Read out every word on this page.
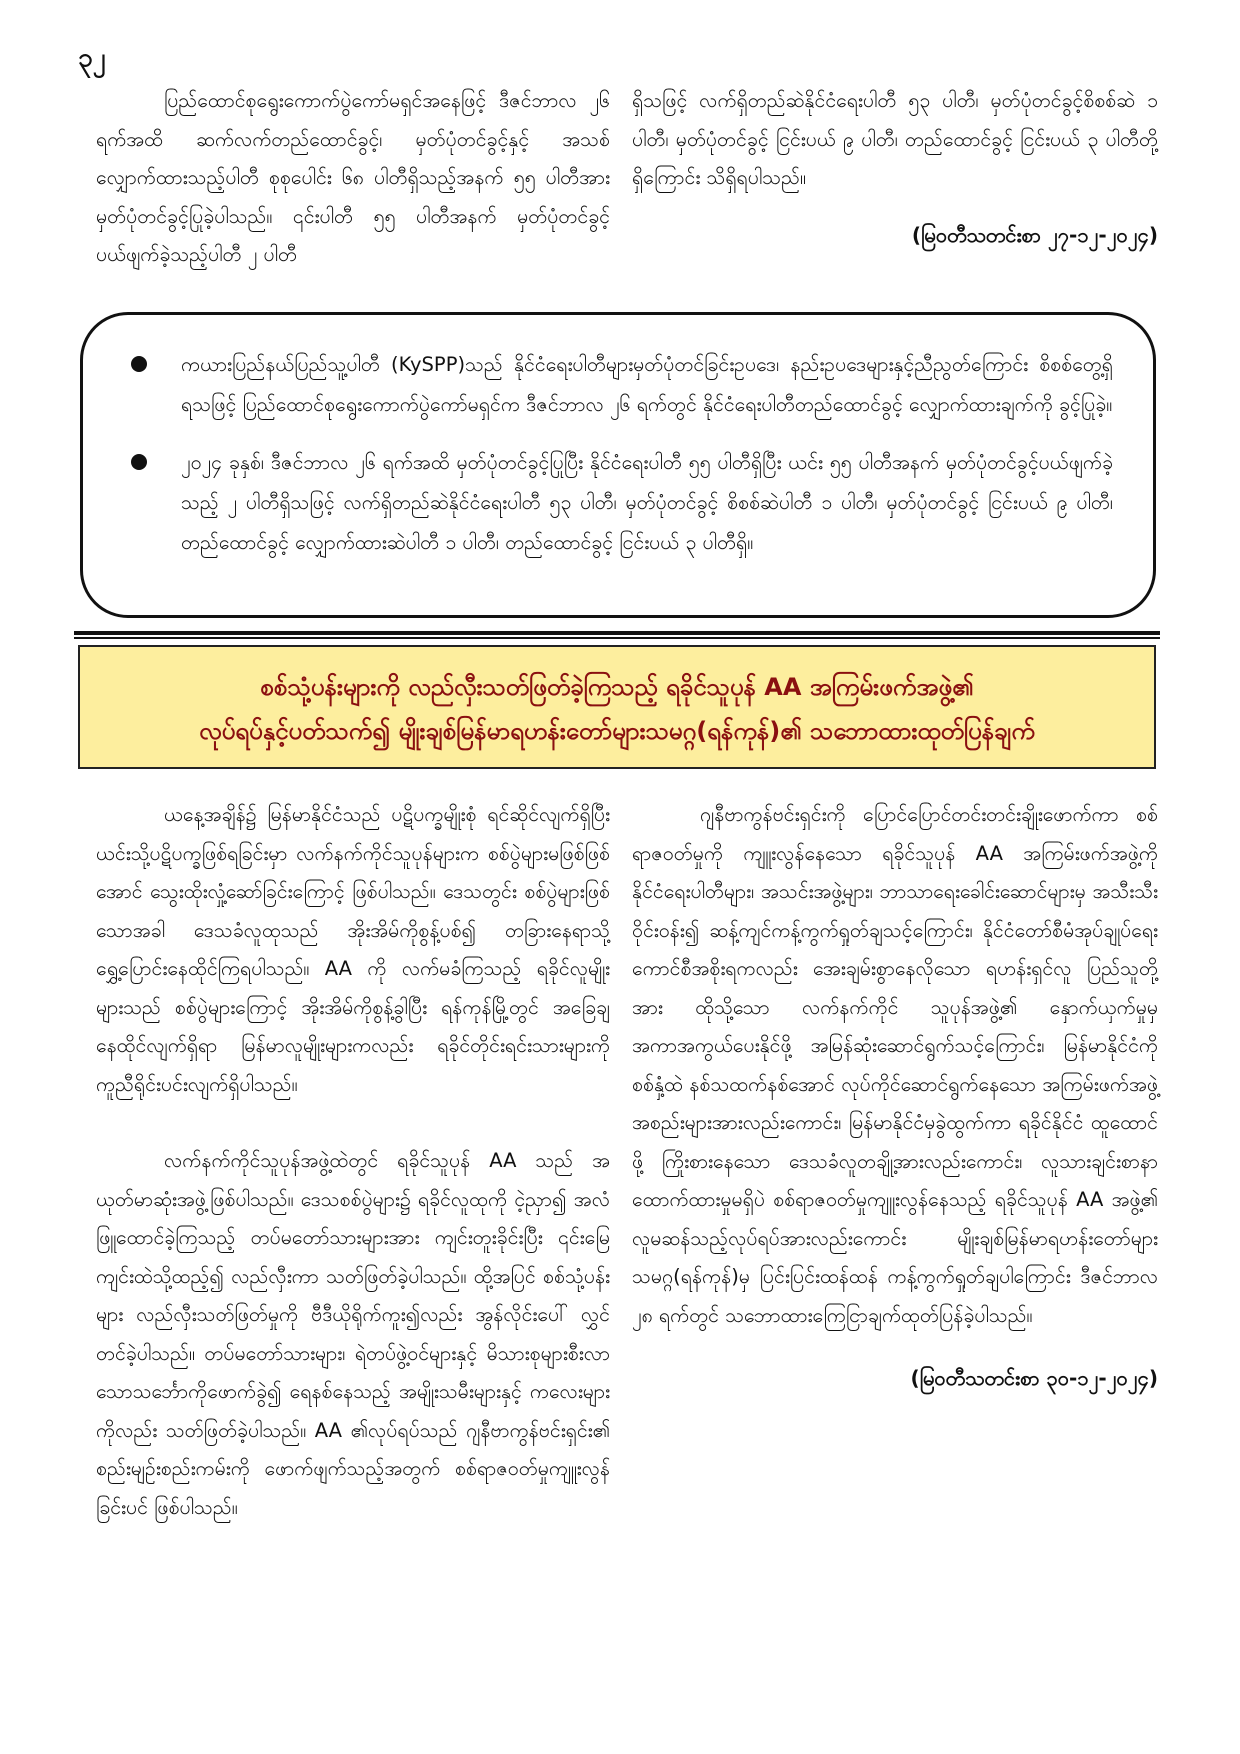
၃၂

ပြည်ထောင်စုရွေးကောက်ပွဲကော်မရှင်အနေဖြင့် ဒီဇင်ဘာလ ၂၆ ရက်အထိ ဆက်လက်တည်ထောင်ခွင့်၊ မှတ်ပုံတင်ခွင့်နှင့် အသစ်လျှောက်ထားသည့်ပါတီ စုစုပေါင်း ၆၈ ပါတီရှိသည့်အနက် ၅၅ ပါတီအား မှတ်ပုံတင်ခွင့်ပြုခဲ့ပါသည်။ ၎င်းပါတီ ၅၅ ပါတီအနက် မှတ်ပုံတင်ခွင့်ပယ်ဖျက်ခဲ့သည့်ပါတီ ၂ ပါတီ

ရှိသဖြင့် လက်ရှိတည်ဆဲနိုင်ငံရေးပါတီ ၅၃ ပါတီ၊ မှတ်ပုံတင်ခွင့်စိစစ်ဆဲ ၁ ပါတီ၊ မှတ်ပုံတင်ခွင့် ငြင်းပယ် ၉ ပါတီ၊ တည်ထောင်ခွင့် ငြင်းပယ် ၃ ပါတီတို့ရှိကြောင်း သိရှိရပါသည်။

(မြဝတီသတင်းစာ ၂၇-၁၂-၂၀၂၄)

ကယားပြည်နယ်ပြည်သူ့ပါတီ (KySPP)သည် နိုင်ငံရေးပါတီများမှတ်ပုံတင်ခြင်းဥပဒေ၊ နည်းဥပဒေများနှင့်ညီညွတ်ကြောင်း စိစစ်တွေ့ရှိရသဖြင့် ပြည်ထောင်စုရွေးကောက်ပွဲကော်မရှင်က ဒီဇင်ဘာလ ၂၆ ရက်တွင် နိုင်ငံရေးပါတီတည်ထောင်ခွင့် လျှောက်ထားချက်ကို ခွင့်ပြုခဲ့။
၂၀၂၄ ခုနှစ်၊ ဒီဇင်ဘာလ ၂၆ ရက်အထိ မှတ်ပုံတင်ခွင့်ပြုပြီး နိုင်ငံရေးပါတီ ၅၅ ပါတီရှိပြီး ယင်း ၅၅ ပါတီအနက် မှတ်ပုံတင်ခွင့်ပယ်ဖျက်ခဲ့သည့် ၂ ပါတီရှိသဖြင့် လက်ရှိတည်ဆဲနိုင်ငံရေးပါတီ ၅၃ ပါတီ၊ မှတ်ပုံတင်ခွင့် စိစစ်ဆဲပါတီ ၁ ပါတီ၊ မှတ်ပုံတင်ခွင့် ငြင်းပယ် ၉ ပါတီ၊ တည်ထောင်ခွင့် လျှောက်ထားဆဲပါတီ ၁ ပါတီ၊ တည်ထောင်ခွင့် ငြင်းပယ် ၃ ပါတီရှိ။
စစ်သုံ့ပန်းများကို လည်လှီးသတ်ဖြတ်ခဲ့ကြသည့် ရခိုင်သူပုန် AA အကြမ်းဖက်အဖွဲ့၏
လုပ်ရပ်နှင့်ပတ်သက်၍ မျိုးချစ်မြန်မာရဟန်းတော်များသမဂ္ဂ(ရန်ကုန်)၏ သဘောထားထုတ်ပြန်ချက်

ယနေ့အချိန်၌ မြန်မာနိုင်ငံသည် ပဋိပက္ခမျိုးစုံ ရင်ဆိုင်လျက်ရှိပြီး ယင်းသို့ပဋိပက္ခဖြစ်ရခြင်းမှာ လက်နက်ကိုင်သူပုန်များက စစ်ပွဲများမဖြစ်ဖြစ်အောင် သွေးထိုးလှုံ့ဆော်ခြင်းကြောင့် ဖြစ်ပါသည်။ ဒေသတွင်း စစ်ပွဲများဖြစ်သောအခါ ဒေသခံလူထုသည် အိုးအိမ်ကိုစွန့်ပစ်၍ တခြားနေရာသို့ ရွှေ့ပြောင်းနေထိုင်ကြရပါသည်။ AA ကို လက်မခံကြသည့် ရခိုင်လူမျိုးများသည် စစ်ပွဲများကြောင့် အိုးအိမ်ကိုစွန့်ခွါပြီး ရန်ကုန်မြို့တွင် အခြေချနေထိုင်လျက်ရှိရာ မြန်မာလူမျိုးများကလည်း ရခိုင်တိုင်းရင်းသားများကို ကူညီရိုင်းပင်းလျက်ရှိပါသည်။

လက်နက်ကိုင်သူပုန်အဖွဲ့ထဲတွင် ရခိုင်သူပုန် AA သည် အယုတ်မာဆုံးအဖွဲ့ဖြစ်ပါသည်။ ဒေသစစ်ပွဲများ၌ ရခိုင်လူထုကို ငဲ့ညှာ၍ အလံဖြူထောင်ခဲ့ကြသည့် တပ်မတော်သားများအား ကျင်းတူးခိုင်းပြီး ၎င်းမြေကျင်းထဲသို့ထည့်၍ လည်လှီးကာ သတ်ဖြတ်ခဲ့ပါသည်။ ထို့အပြင် စစ်သုံ့ပန်းများ လည်လှီးသတ်ဖြတ်မှုကို ဗီဒီယိုရိုက်ကူး၍လည်း အွန်လိုင်းပေါ် လွှင်တင်ခဲ့ပါသည်။ တပ်မတော်သားများ၊ ရဲတပ်ဖွဲ့ဝင်များနှင့် မိသားစုများစီးလာသောသင်္ဘောကိုဖောက်ခွဲ၍ ရေနစ်နေသည့် အမျိုးသမီးများနှင့် ကလေးများကိုလည်း သတ်ဖြတ်ခဲ့ပါသည်။ AA ၏လုပ်ရပ်သည် ဂျနီဗာကွန်ဗင်းရှင်း၏ စည်းမျဉ်းစည်းကမ်းကို ဖောက်ဖျက်သည့်အတွက် စစ်ရာဇဝတ်မှုကျူးလွန်ခြင်းပင် ဖြစ်ပါသည်။

ဂျနီဗာကွန်ဗင်းရှင်းကို ပြောင်ပြောင်တင်းတင်းချိုးဖောက်ကာ စစ်ရာဇဝတ်မှုကို ကျူးလွန်နေသော ရခိုင်သူပုန် AA အကြမ်းဖက်အဖွဲ့ကို နိုင်ငံရေးပါတီများ၊ အသင်းအဖွဲ့များ၊ ဘာသာရေးခေါင်းဆောင်များမှ အသီးသီးဝိုင်းဝန်း၍ ဆန့်ကျင်ကန့်ကွက်ရှုတ်ချသင့်ကြောင်း၊ နိုင်ငံတော်စီမံအုပ်ချုပ်ရေးကောင်စီအစိုးရကလည်း အေးချမ်းစွာနေလိုသော ရဟန်းရှင်လူ ပြည်သူတို့အား ထိုသို့သော လက်နက်ကိုင် သူပုန်အဖွဲ့၏ နှောက်ယှက်မှုမှ အကာအကွယ်ပေးနိုင်ဖို့ အမြန်ဆုံးဆောင်ရွက်သင့်ကြောင်း၊ မြန်မာနိုင်ငံကို စစ်နှံ့ထဲ နစ်သထက်နစ်အောင် လုပ်ကိုင်ဆောင်ရွက်နေသော အကြမ်းဖက်အဖွဲ့အစည်းများအားလည်းကောင်း၊ မြန်မာနိုင်ငံမှခွဲထွက်ကာ ရခိုင်နိုင်ငံ ထူထောင်ဖို့ ကြိုးစားနေသော ဒေသခံလူတချို့အားလည်းကောင်း၊ လူသားချင်းစာနာထောက်ထားမှုမရှိပဲ စစ်ရာဇဝတ်မှုကျူးလွန်နေသည့် ရခိုင်သူပုန် AA အဖွဲ့၏ လူမဆန်သည့်လုပ်ရပ်အားလည်းကောင်း မျိုးချစ်မြန်မာရဟန်းတော်များ သမဂ္ဂ(ရန်ကုန်)မှ ပြင်းပြင်းထန်ထန် ကန့်ကွက်ရှုတ်ချပါကြောင်း ဒီဇင်ဘာလ ၂၈ ရက်တွင် သဘောထားကြေငြာချက်ထုတ်ပြန်ခဲ့ပါသည်။

(မြဝတီသတင်းစာ ၃၀-၁၂-၂၀၂၄)
